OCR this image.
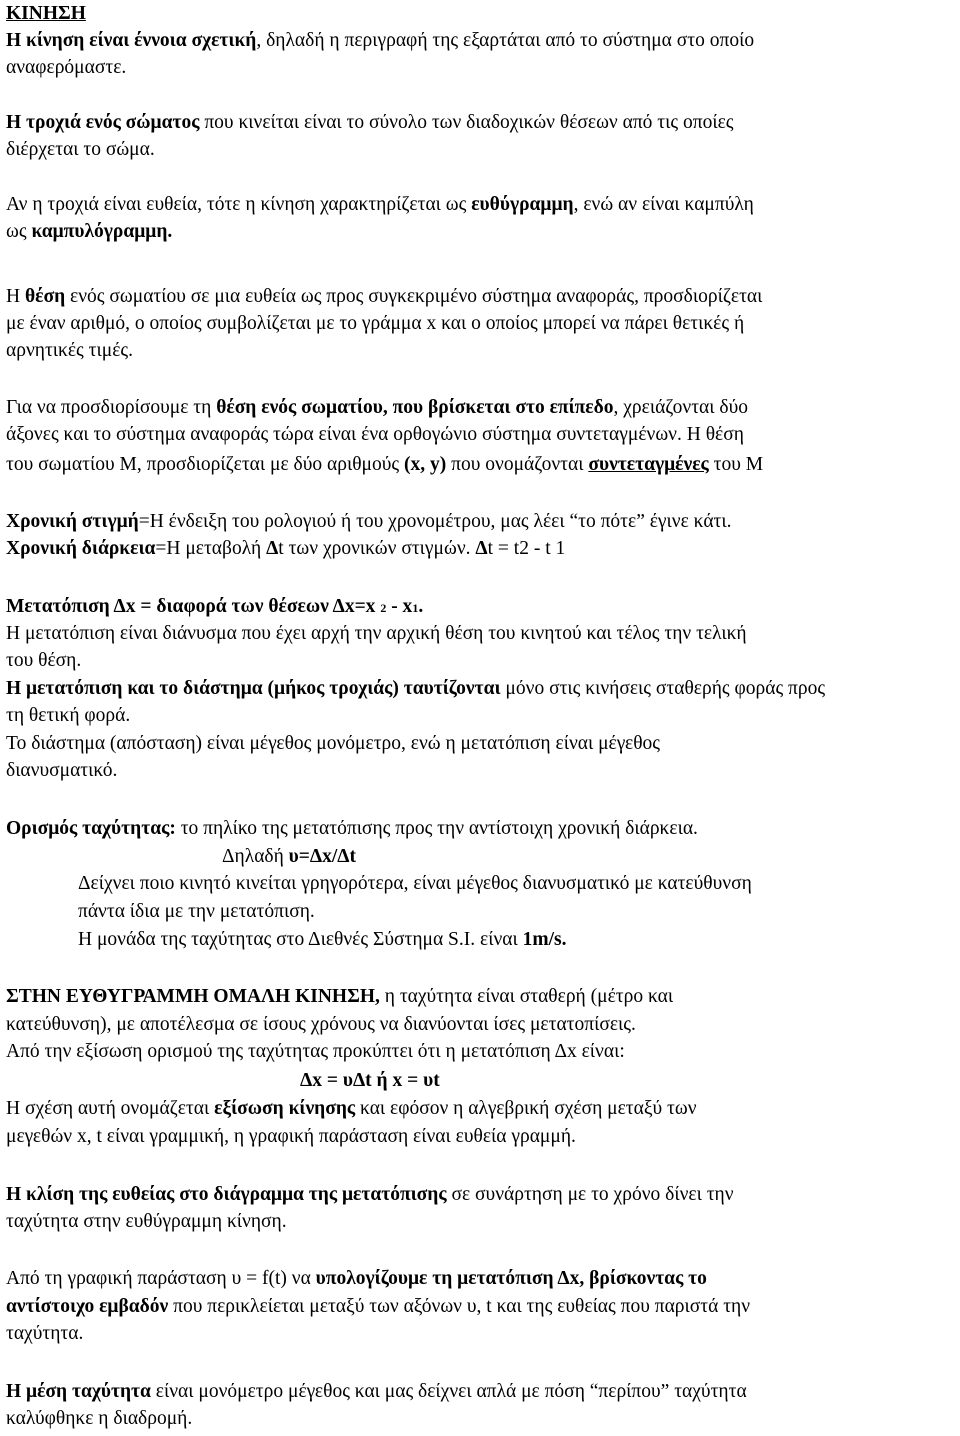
ΚΙΝΗΣΗ
Η κίνηση είναι έννοια σχετική, δηλαδή η περιγραφή της εξαρτάται από το σύστημα στο οποίο
αναφερόμαστε.
Η τροχιά ενός σώματος που κινείται είναι το σύνολο των διαδοχικών θέσεων από τις οποίες
διέρχεται το σώμα.
Αν η τροχιά είναι ευθεία, τότε η κίνηση χαρακτηρίζεται ως ευθύγραμμη, ενώ αν είναι καμπύλη
ως καμπυλόγραμμη.
Η θέση ενός σωματίου σε μια ευθεία ως προς συγκεκριμένο σύστημα αναφοράς, προσδιορίζεται
με έναν αριθμό, ο οποίος συμβολίζεται με το γράμμα x και ο οποίος μπορεί να πάρει θετικές ή
αρνητικές τιμές.
Για να προσδιορίσουμε τη θέση ενός σωματίου, που βρίσκεται στο επίπεδο, χρειάζονται δύο
άξονες και το σύστημα αναφοράς τώρα είναι ένα ορθογώνιο σύστημα συντεταγμένων. Η θέση
του σωματίου Μ, προσδιορίζεται με δύο αριθμούς (x, y) που ονομάζονται συντεταγμένες του Μ
Χρονική στιγμή=Η ένδειξη του ρολογιού ή του χρονομέτρου, μας λέει “το πότε” έγινε κάτι.
Χρονική διάρκεια=Η μεταβολή Δt των χρονικών στιγμών. Δt = t2 - t 1
Μετατόπιση Δx = διαφορά των θέσεων Δx=x 2 - x1.
Η μετατόπιση είναι διάνυσμα που έχει αρχή την αρχική θέση του κινητού και τέλος την τελική
του θέση.
Η μετατόπιση και το διάστημα (μήκος τροχιάς) ταυτίζονται μόνο στις κινήσεις σταθερής φοράς προς
τη θετική φορά.
Το διάστημα (απόσταση) είναι μέγεθος μονόμετρο, ενώ η μετατόπιση είναι μέγεθος
διανυσματικό.
Ορισμός ταχύτητας: το πηλίκο της μετατόπισης προς την αντίστοιχη χρονική διάρκεια.
Δηλαδή υ=Δx/Δt
Δείχνει ποιο κινητό κινείται γρηγορότερα, είναι μέγεθος διανυσματικό με κατεύθυνση
πάντα ίδια με την μετατόπιση.
Η μονάδα της ταχύτητας στο Διεθνές Σύστημα S.I. είναι 1m/s.
ΣΤΗΝ ΕΥΘΥΓΡΑΜΜΗ ΟΜΑΛΗ ΚΙΝΗΣΗ, η ταχύτητα είναι σταθερή (μέτρο και
κατεύθυνση), με αποτέλεσμα σε ίσους χρόνους να διανύονται ίσες μετατοπίσεις.
Από την εξίσωση ορισμού της ταχύτητας προκύπτει ότι η μετατόπιση Δx είναι:
Δx = υΔt ή x = υt
Η σχέση αυτή ονομάζεται εξίσωση κίνησης και εφόσον η αλγεβρική σχέση μεταξύ των
μεγεθών x, t είναι γραμμική, η γραφική παράσταση είναι ευθεία γραμμή.
Η κλίση της ευθείας στο διάγραμμα της μετατόπισης σε συνάρτηση με το χρόνο δίνει την
ταχύτητα στην ευθύγραμμη κίνηση.
Από τη γραφική παράσταση υ = f(t) να υπολογίζουμε τη μετατόπιση Δx, βρίσκοντας το
αντίστοιχο εμβαδόν που περικλείεται μεταξύ των αξόνων υ, t και της ευθείας που παριστά την
ταχύτητα.
Η μέση ταχύτητα είναι μονόμετρο μέγεθος και μας δείχνει απλά με πόση “περίπου” ταχύτητα
καλύφθηκε η διαδρομή.
